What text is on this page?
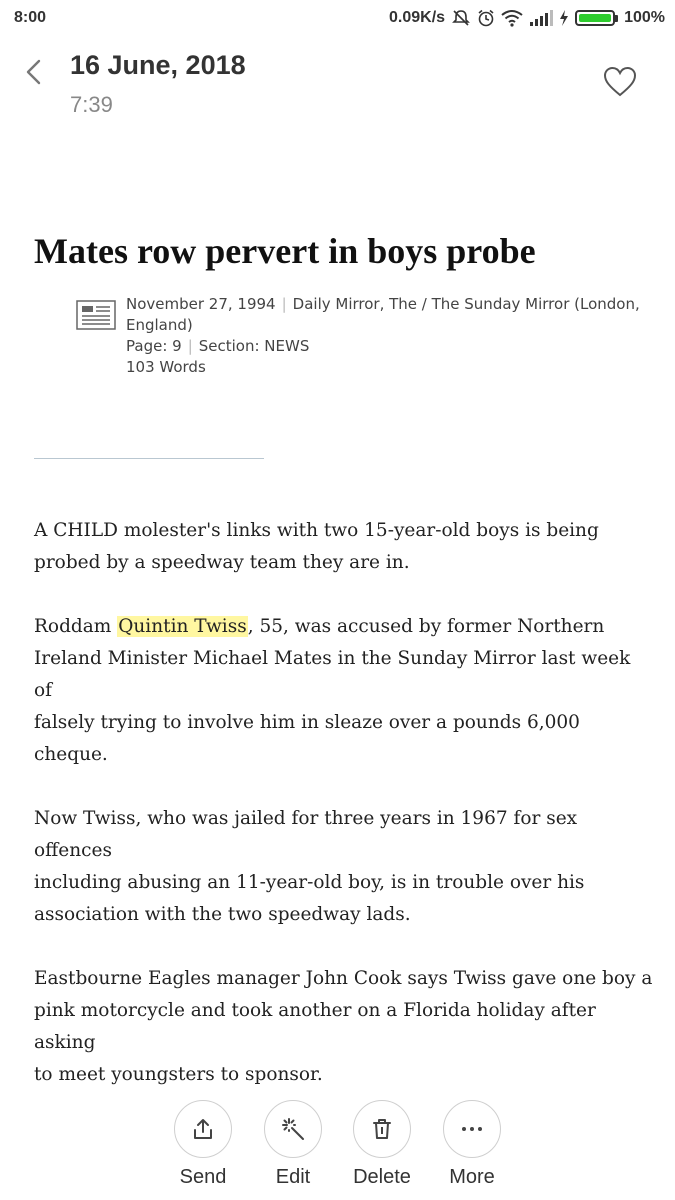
8:00	0.09K/s	100%
16 June, 2018
7:39
Mates row pervert in boys probe
November 27, 1994 | Daily Mirror, The / The Sunday Mirror (London, England)
Page: 9 | Section: NEWS
103 Words

A CHILD molester's links with two 15-year-old boys is being
probed by a speedway team they are in.

Roddam Quintin Twiss, 55, was accused by former Northern
Ireland Minister Michael Mates in the Sunday Mirror last week of
falsely trying to involve him in sleaze over a pounds 6,000 cheque.

Now Twiss, who was jailed for three years in 1967 for sex offences
including abusing an 11-year-old boy, is in trouble over his
association with the two speedway lads.

Eastbourne Eagles manager John Cook says Twiss gave one boy a
pink motorcycle and took another on a Florida holiday after asking
to meet youngsters to sponsor.

Send Edit Delete More
